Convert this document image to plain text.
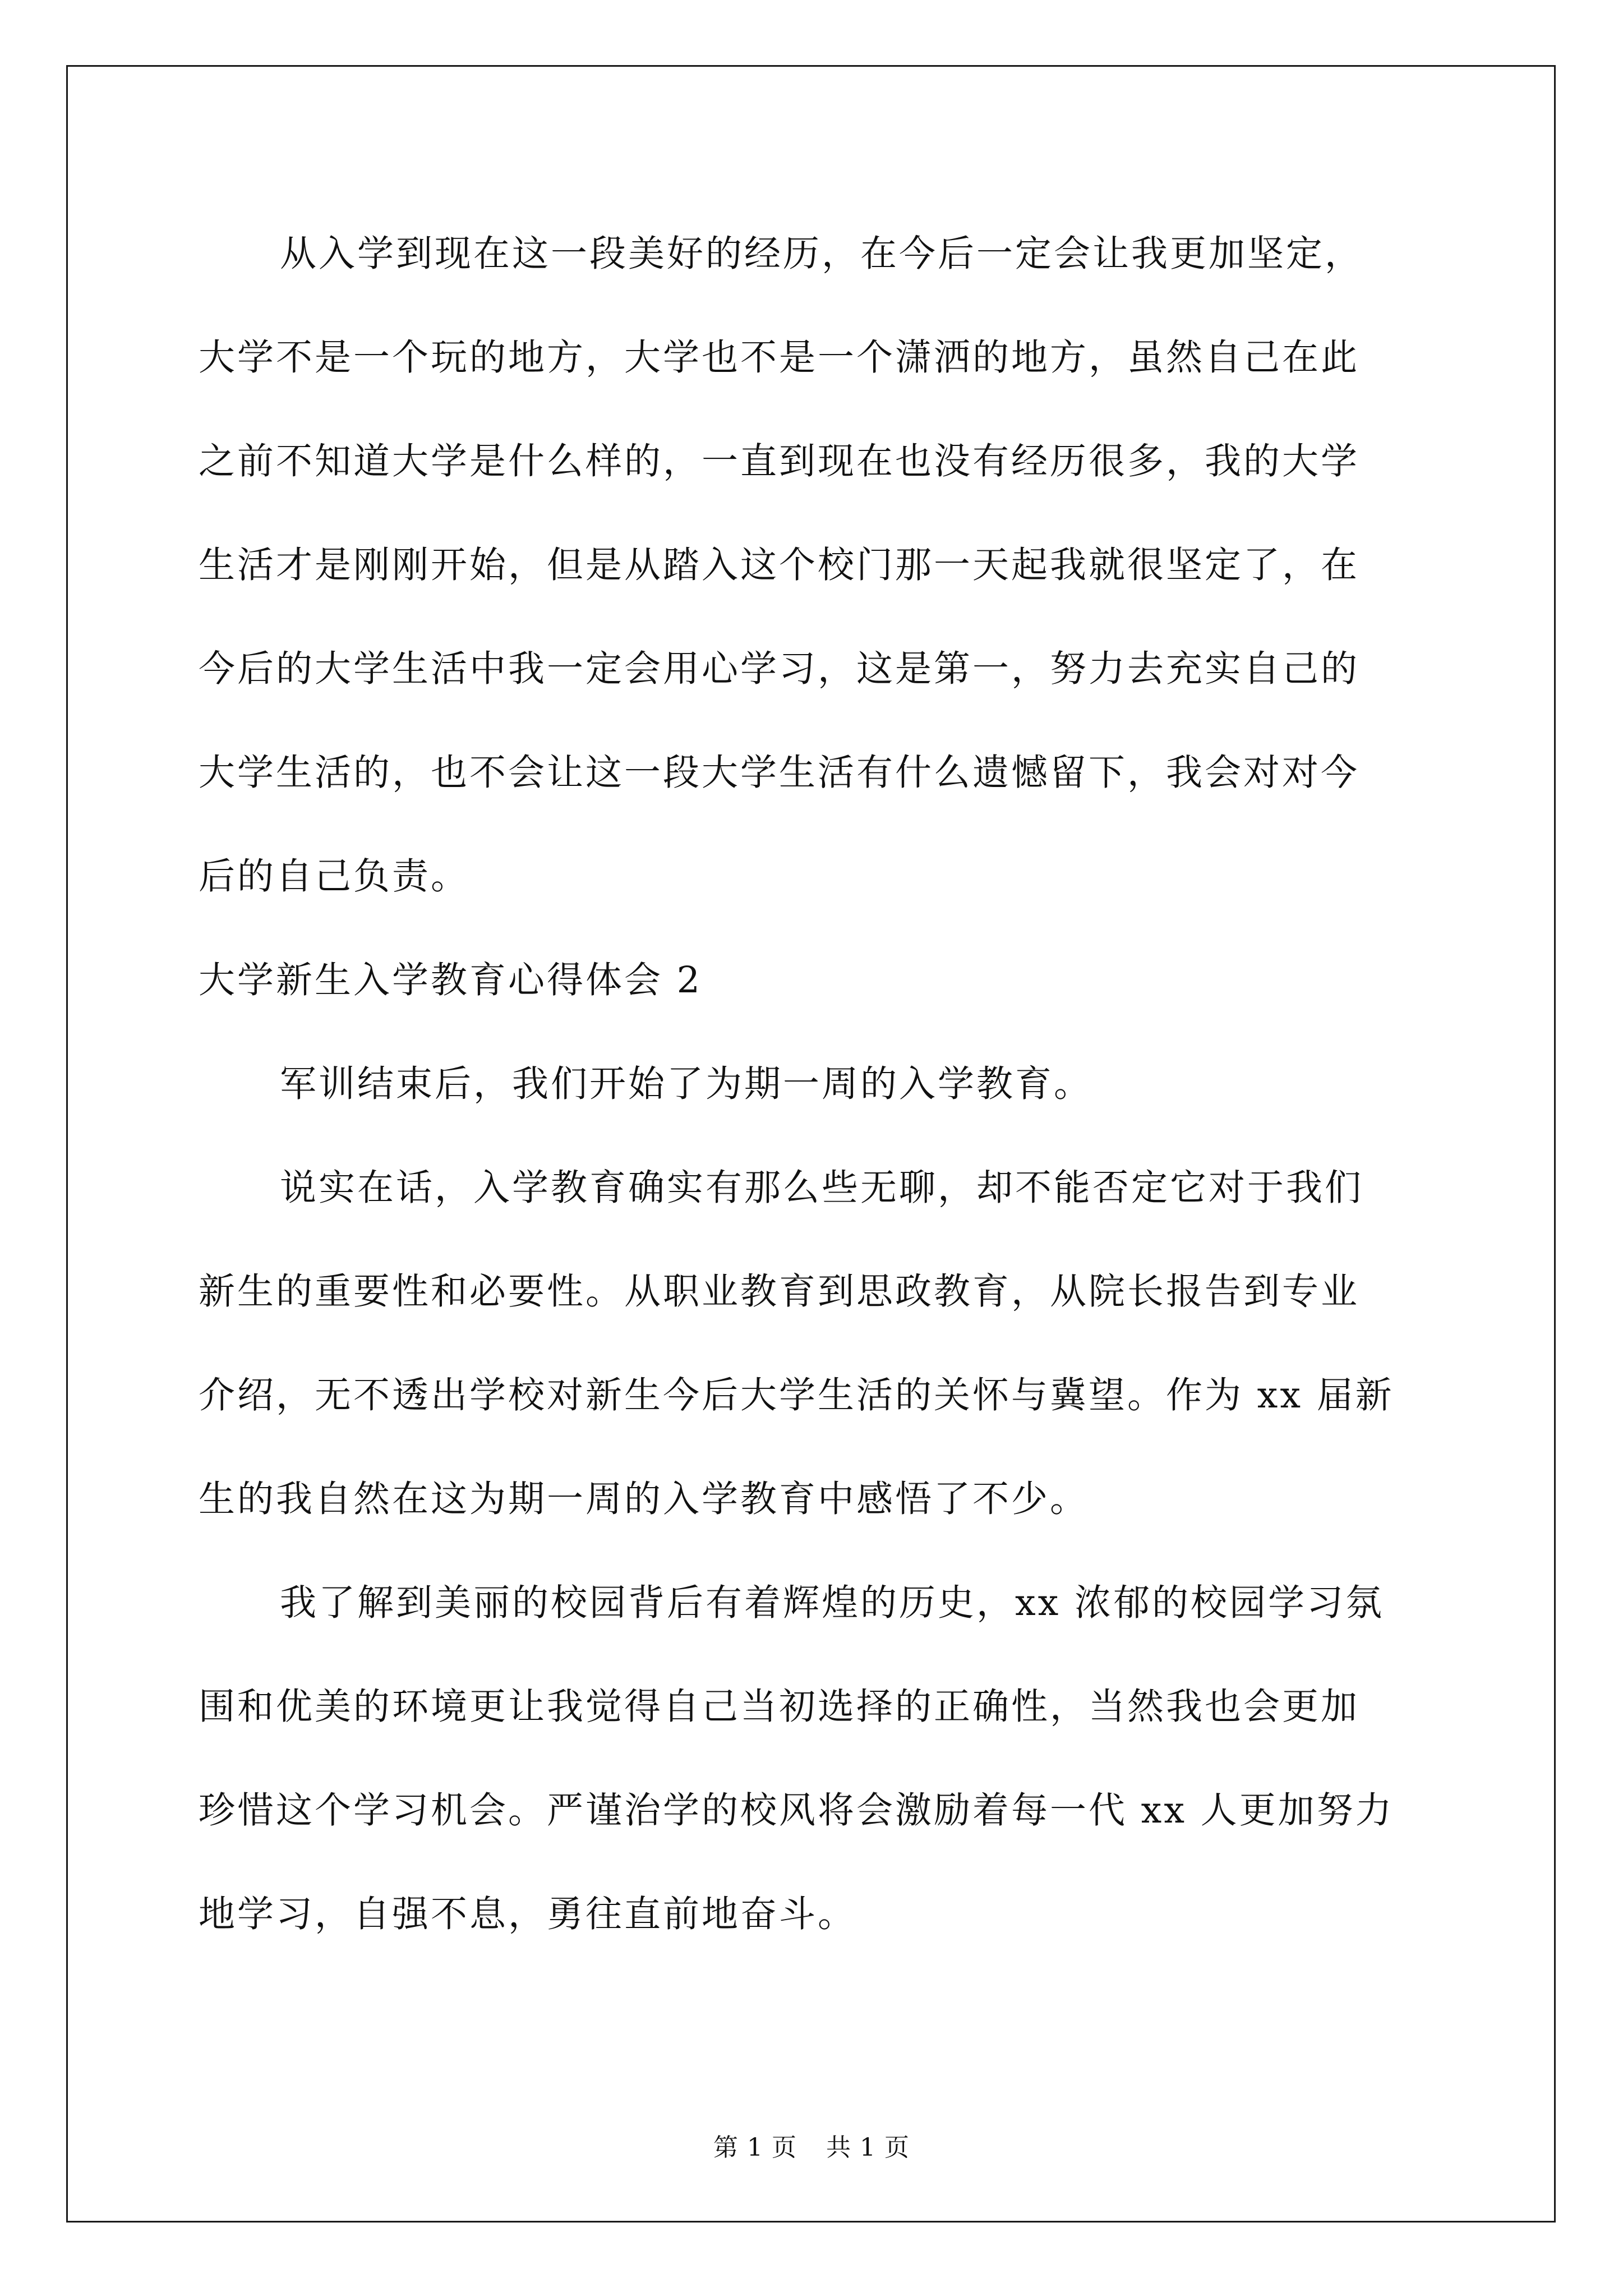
从入学到现在这一段美好的经历，在今后一定会让我更加坚定，
大学不是一个玩的地方，大学也不是一个潇洒的地方，虽然自己在此
之前不知道大学是什么样的，一直到现在也没有经历很多，我的大学
生活才是刚刚开始，但是从踏入这个校门那一天起我就很坚定了，在
今后的大学生活中我一定会用心学习，这是第一，努力去充实自己的
大学生活的，也不会让这一段大学生活有什么遗憾留下，我会对对今
后的自己负责。

大学新生入学教育心得体会 2

军训结束后，我们开始了为期一周的入学教育。

说实在话，入学教育确实有那么些无聊，却不能否定它对于我们
新生的重要性和必要性。从职业教育到思政教育，从院长报告到专业
介绍，无不透出学校对新生今后大学生活的关怀与冀望。作为 xx 届新
生的我自然在这为期一周的入学教育中感悟了不少。

我了解到美丽的校园背后有着辉煌的历史，xx 浓郁的校园学习氛
围和优美的环境更让我觉得自己当初选择的正确性，当然我也会更加
珍惜这个学习机会。严谨治学的校风将会激励着每一代 xx 人更加努力
地学习，自强不息，勇往直前地奋斗。

第 1 页 共 1 页
